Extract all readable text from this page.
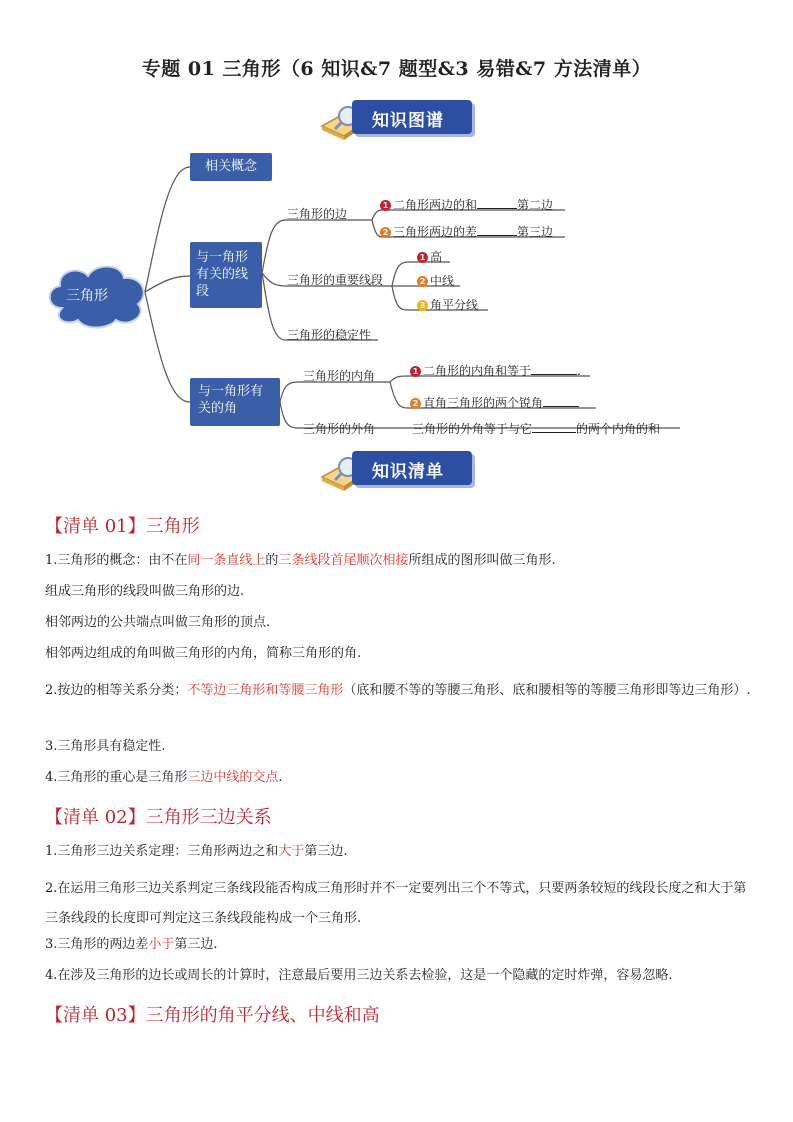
专题 01 三角形（6 知识&7 题型&3 易错&7 方法清单）
知识图谱
三角形
相关概念
与一角形有关的线段
与一角形有关的角
三角形的边
1 二角形两边的和	第二边
2 三角形两边的差	第三边
三角形的重要线段
1 高
2 中线
3 角平分线
三角形的稳定性
三角形的内角	1 二角形的内角和等于	.
2 直角三角形的两个锐角
三角形的外角	三角形的外角等于与它	的两个内角的和
知识清单
【清单 01】三角形
1.三角形的概念：由不在同一条直线上的三条线段首尾顺次相接所组成的图形叫做三角形.
组成三角形的线段叫做三角形的边.
相邻两边的公共端点叫做三角形的顶点.
相邻两边组成的角叫做三角形的内角，简称三角形的角.
2.按边的相等关系分类：不等边三角形和等腰三角形（底和腰不等的等腰三角形、底和腰相等的等腰三角形即等边三角形）.
3.三角形具有稳定性.
4.三角形的重心是三角形三边中线的交点.
【清单 02】三角形三边关系
1.三角形三边关系定理：三角形两边之和大于第三边.
2.在运用三角形三边关系判定三条线段能否构成三角形时并不一定要列出三个不等式，只要两条较短的线段长度之和大于第三条线段的长度即可判定这三条线段能构成一个三角形.
3.三角形的两边差小于第三边.
4.在涉及三角形的边长或周长的计算时，注意最后要用三边关系去检验，这是一个隐藏的定时炸弹，容易忽略.
【清单 03】三角形的角平分线、中线和高
